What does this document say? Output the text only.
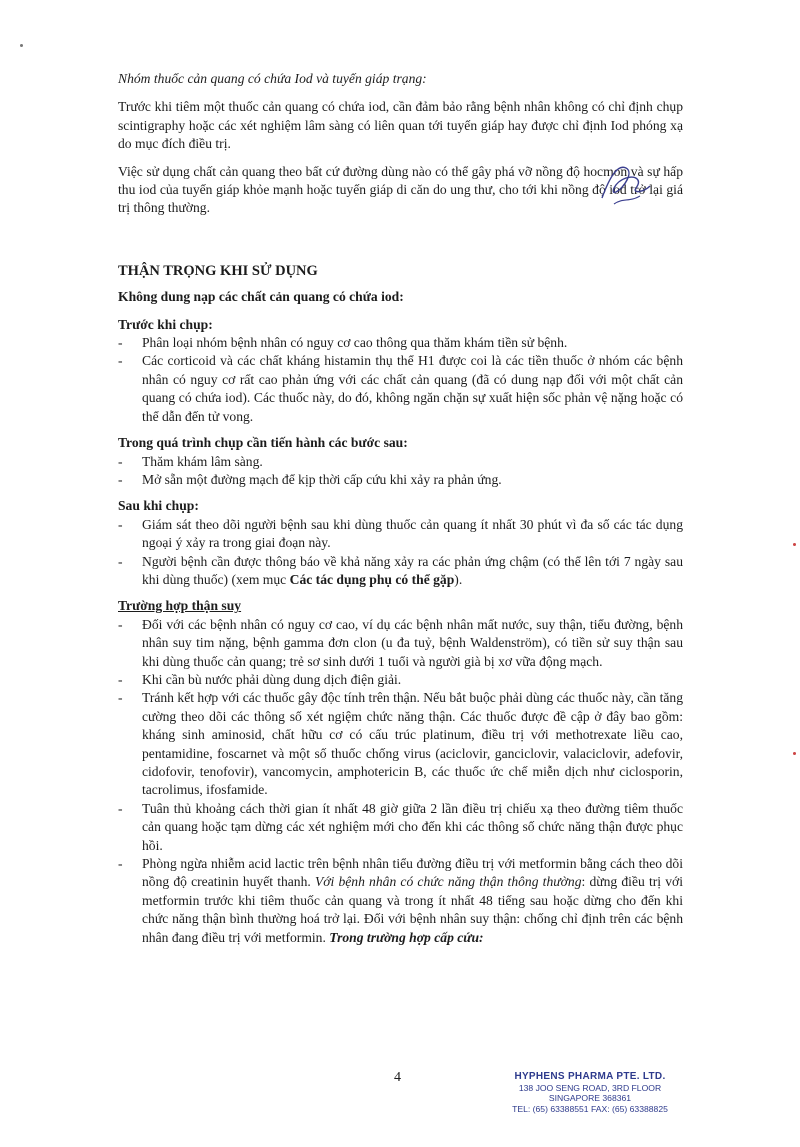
Nhóm thuốc cản quang có chứa Iod và tuyến giáp trạng:

Trước khi tiêm một thuốc cản quang có chứa iod, cần đảm bảo rằng bệnh nhân không có chỉ định chụp scintigraphy hoặc các xét nghiệm lâm sàng có liên quan tới tuyến giáp hay được chỉ định Iod phóng xạ do mục đích điều trị.

Việc sử dụng chất cản quang theo bất cứ đường dùng nào có thể gây phá vỡ nồng độ hocmon và sự hấp thu iod của tuyến giáp khỏe mạnh hoặc tuyến giáp di căn do ung thư, cho tới khi nồng độ iod trở lại giá trị thông thường.

THẬN TRỌNG KHI SỬ DỤNG

Không dung nạp các chất cản quang có chứa iod:

Trước khi chụp:

-	Phân loại nhóm bệnh nhân có nguy cơ cao thông qua thăm khám tiền sử bệnh.
-	Các corticoid và các chất kháng histamin thụ thể H1 được coi là các tiền thuốc ở nhóm các bệnh nhân có nguy cơ rất cao phản ứng với các chất cản quang (đã có dung nạp đối với một chất cản quang có chứa iod). Các thuốc này, do đó, không ngăn chặn sự xuất hiện sốc phản vệ nặng hoặc có thể dẫn đến tử vong.

Trong quá trình chụp cần tiến hành các bước sau:

-	Thăm khám lâm sàng.
-	Mở sẵn một đường mạch để kịp thời cấp cứu khi xảy ra phản ứng.

Sau khi chụp:

-	Giám sát theo dõi người bệnh sau khi dùng thuốc cản quang ít nhất 30 phút vì đa số các tác dụng ngoại ý xảy ra trong giai đoạn này.
-	Người bệnh cần được thông báo về khả năng xảy ra các phản ứng chậm (có thể lên tới 7 ngày sau khi dùng thuốc) (xem mục Các tác dụng phụ có thể gặp).

Trường hợp thận suy

-	Đối với các bệnh nhân có nguy cơ cao, ví dụ các bệnh nhân mất nước, suy thận, tiểu đường, bệnh nhân suy tim nặng, bệnh gamma đơn clon (u đa tuỷ, bệnh Waldenström), có tiền sử suy thận sau khi dùng thuốc cản quang; trẻ sơ sinh dưới 1 tuổi và người già bị xơ vữa động mạch.
-	Khi cần bù nước phải dùng dung dịch điện giải.
-	Tránh kết hợp với các thuốc gây độc tính trên thận. Nếu bắt buộc phải dùng các thuốc này, cần tăng cường theo dõi các thông số xét ngiệm chức năng thận. Các thuốc được đề cập ở đây bao gồm: kháng sinh aminosid, chất hữu cơ có cấu trúc platinum, điều trị với methotrexate liều cao, pentamidine, foscarnet và một số thuốc chống virus (aciclovir, ganciclovir, valaciclovir, adefovir, cidofovir, tenofovir), vancomycin, amphotericin B, các thuốc ức chế miễn dịch như ciclosporin, tacrolimus, ifosfamide.
-	Tuân thủ khoảng cách thời gian ít nhất 48 giờ giữa 2 lần điều trị chiếu xạ theo đường tiêm thuốc cản quang hoặc tạm dừng các xét nghiệm mới cho đến khi các thông số chức năng thận được phục hồi.
-	Phòng ngừa nhiễm acid lactic trên bệnh nhân tiểu đường điều trị với metformin bằng cách theo dõi nồng độ creatinin huyết thanh. Với bệnh nhân có chức năng thận thông thường: dừng điều trị với metformin trước khi tiêm thuốc cản quang và trong ít nhất 48 tiếng sau hoặc dừng cho đến khi chức năng thận bình thường hoá trở lại. Đối với bệnh nhân suy thận: chống chỉ định trên các bệnh nhân đang điều trị với metformin. Trong trường hợp cấp cứu:
4	HYPHENS PHARMA PTE. LTD.
138 JOO SENG ROAD, 3RD FLOOR
SINGAPORE 368361
TEL: (65) 63388551 FAX: (65) 63388825
